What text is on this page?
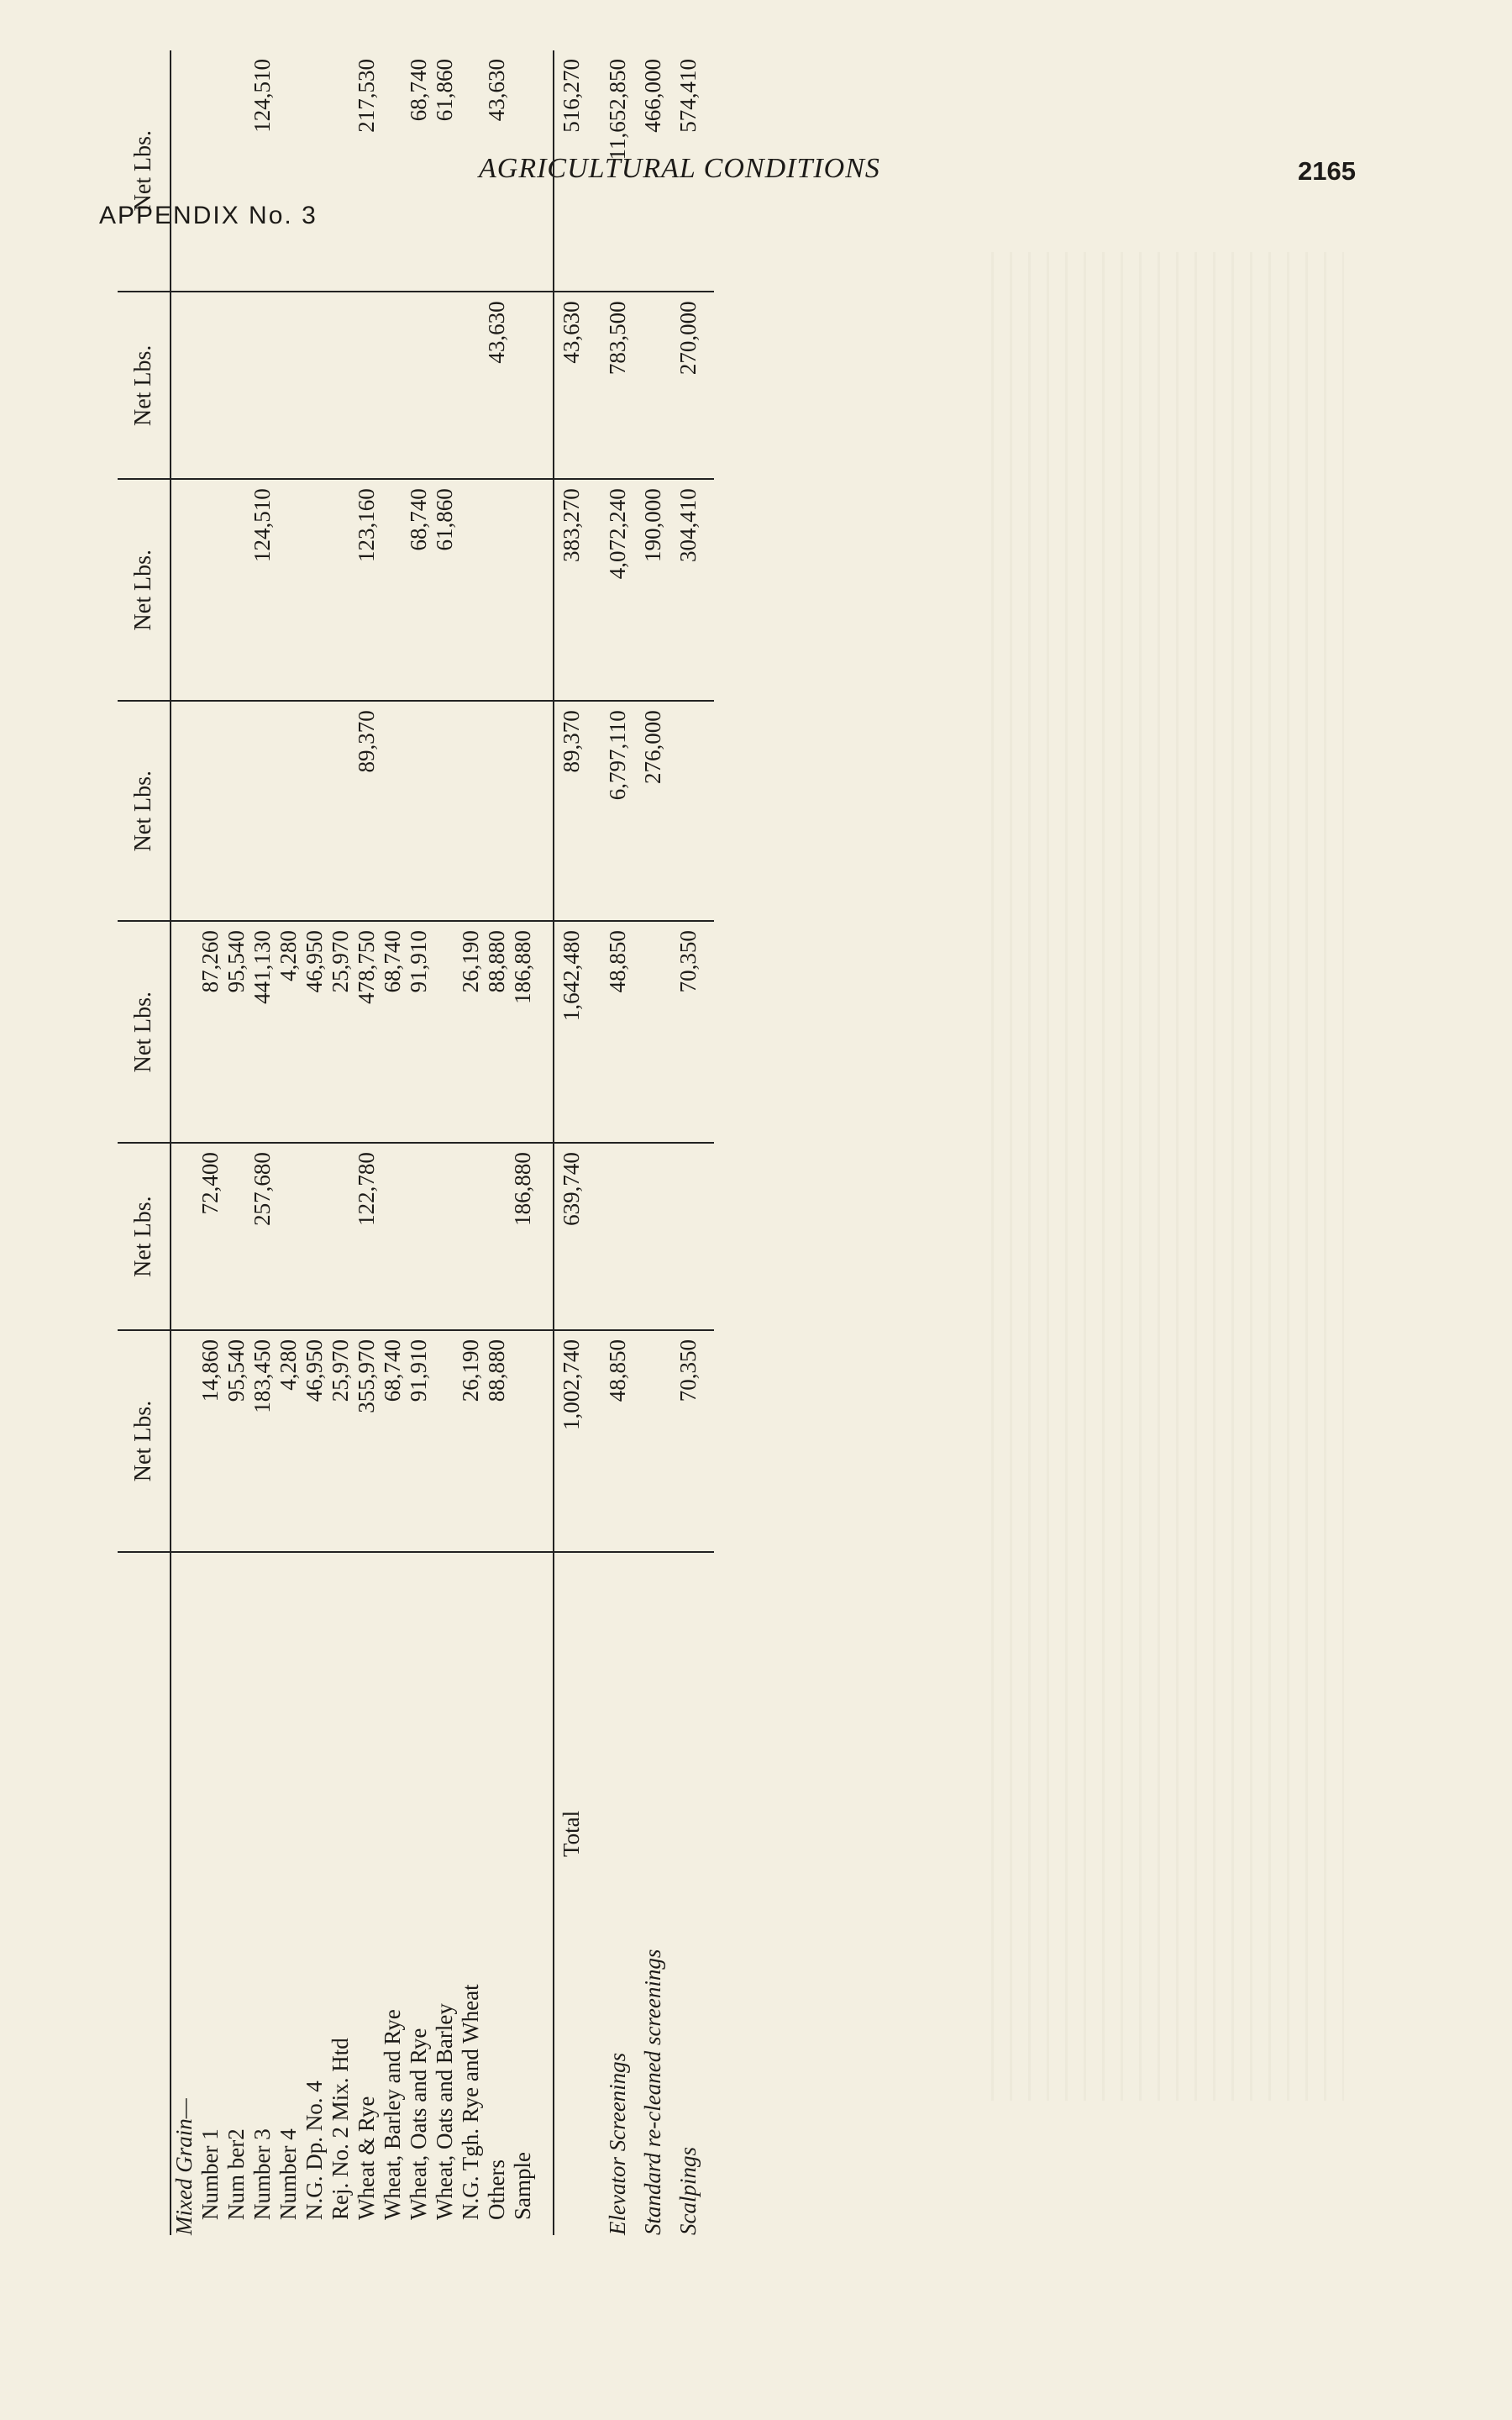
AGRICULTURAL CONDITIONS	2165
APPENDIX No. 3
	Net Lbs.	Net Lbs.	Net Lbs.	Net Lbs.	Net Lbs.	Net Lbs.	Net Lbs.
Mixed Grain—							
Number 1	14,860	72,400	87,260				
Num ber2	95,540		95,540				
Number 3	183,450	257,680	441,130		124,510		124,510
Number 4	4,280		4,280				
N.G. Dp. No. 4	46,950		46,950				
Rej. No. 2 Mix. Htd	25,970		25,970				
Wheat & Rye	355,970	122,780	478,750	89,370	123,160		217,530
Wheat, Barley and Rye	68,740		68,740				
Wheat, Oats and Rye	91,910		91,910		68,740		68,740
Wheat, Oats and Barley					61,860		61,860
N.G. Tgh. Rye and Wheat	26,190		26,190				
Others	88,880		88,880			43,630	43,630
Sample		186,880	186,880				

Total	1,002,740	639,740	1,642,480	89,370	383,270	43,630	516,270

Elevator Screenings	48,850		48,850	6,797,110	4,072,240	783,500	11,652,850
Standard re-cleaned screenings				276,000	190,000		466,000
Scalpings	70,350		70,350		304,410	270,000	574,410
